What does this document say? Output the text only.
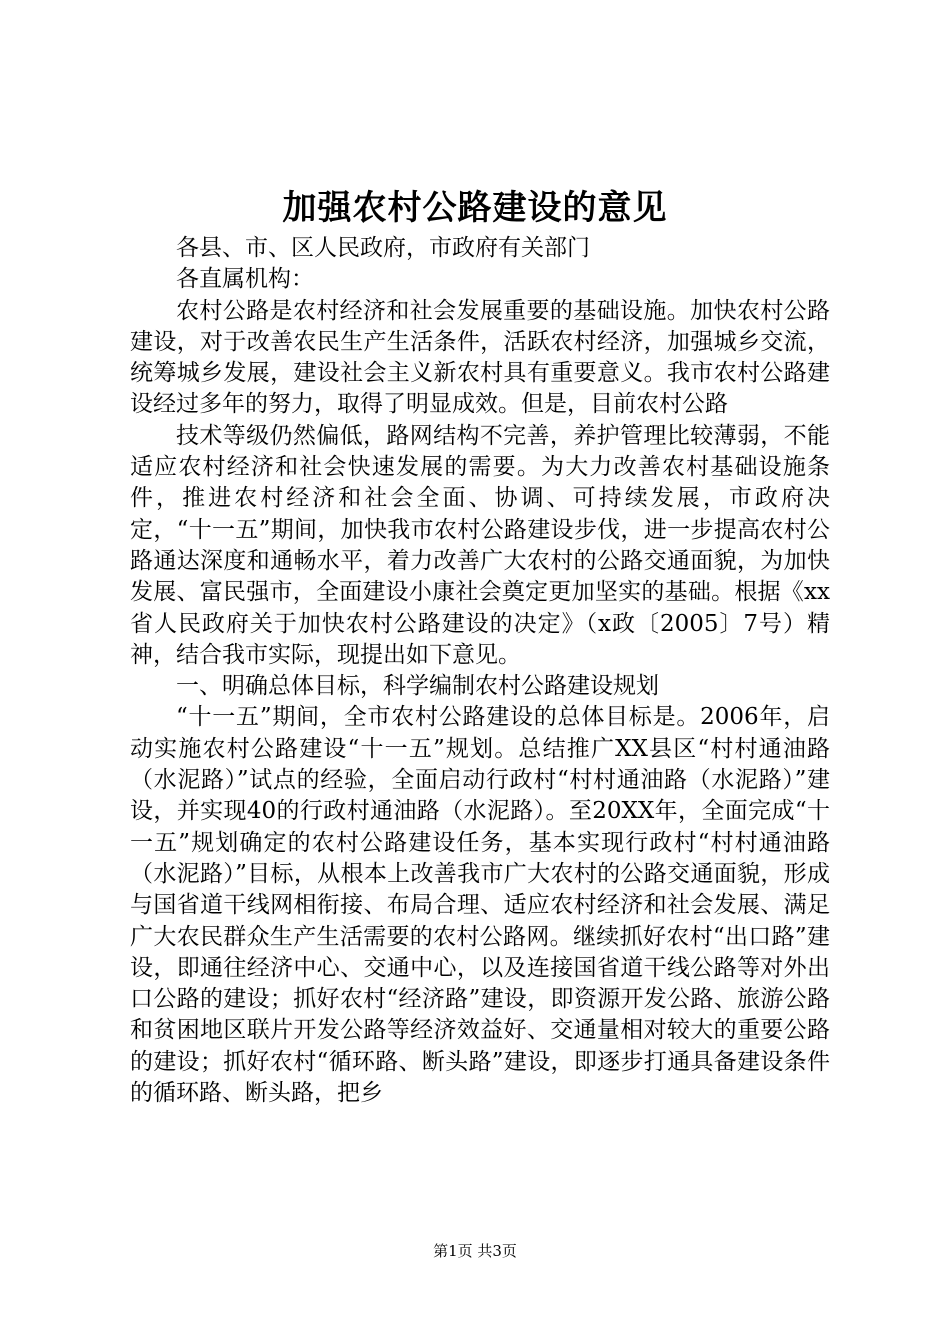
加强农村公路建设的意见

各县、市、区人民政府，市政府有关部门

各直属机构：

农村公路是农村经济和社会发展重要的基础设施。加快农村公路建设，对于改善农民生产生活条件，活跃农村经济，加强城乡交流，统筹城乡发展，建设社会主义新农村具有重要意义。我市农村公路建设经过多年的努力，取得了明显成效。但是，目前农村公路

技术等级仍然偏低，路网结构不完善，养护管理比较薄弱，不能适应农村经济和社会快速发展的需要。为大力改善农村基础设施条件，推进农村经济和社会全面、协调、可持续发展，市政府决定，“十一五”期间，加快我市农村公路建设步伐，进一步提高农村公路通达深度和通畅水平，着力改善广大农村的公路交通面貌，为加快发展、富民强市，全面建设小康社会奠定更加坚实的基础。根据《xx省人民政府关于加快农村公路建设的决定》（x政〔2005〕7号）精神，结合我市实际，现提出如下意见。

一、明确总体目标，科学编制农村公路建设规划

“十一五”期间，全市农村公路建设的总体目标是。2006年，启动实施农村公路建设“十一五”规划。总结推广XX县区“村村通油路（水泥路）”试点的经验，全面启动行政村“村村通油路（水泥路）”建设，并实现40的行政村通油路（水泥路）。至20XX年，全面完成“十一五”规划确定的农村公路建设任务，基本实现行政村“村村通油路（水泥路）”目标，从根本上改善我市广大农村的公路交通面貌，形成与国省道干线网相衔接、布局合理、适应农村经济和社会发展、满足广大农民群众生产生活需要的农村公路网。继续抓好农村“出口路”建设，即通往经济中心、交通中心，以及连接国省道干线公路等对外出口公路的建设；抓好农村“经济路”建设，即资源开发公路、旅游公路和贫困地区联片开发公路等经济效益好、交通量相对较大的重要公路的建设；抓好农村“循环路、断头路”建设，即逐步打通具备建设条件的循环路、断头路，把乡

第1页 共3页
